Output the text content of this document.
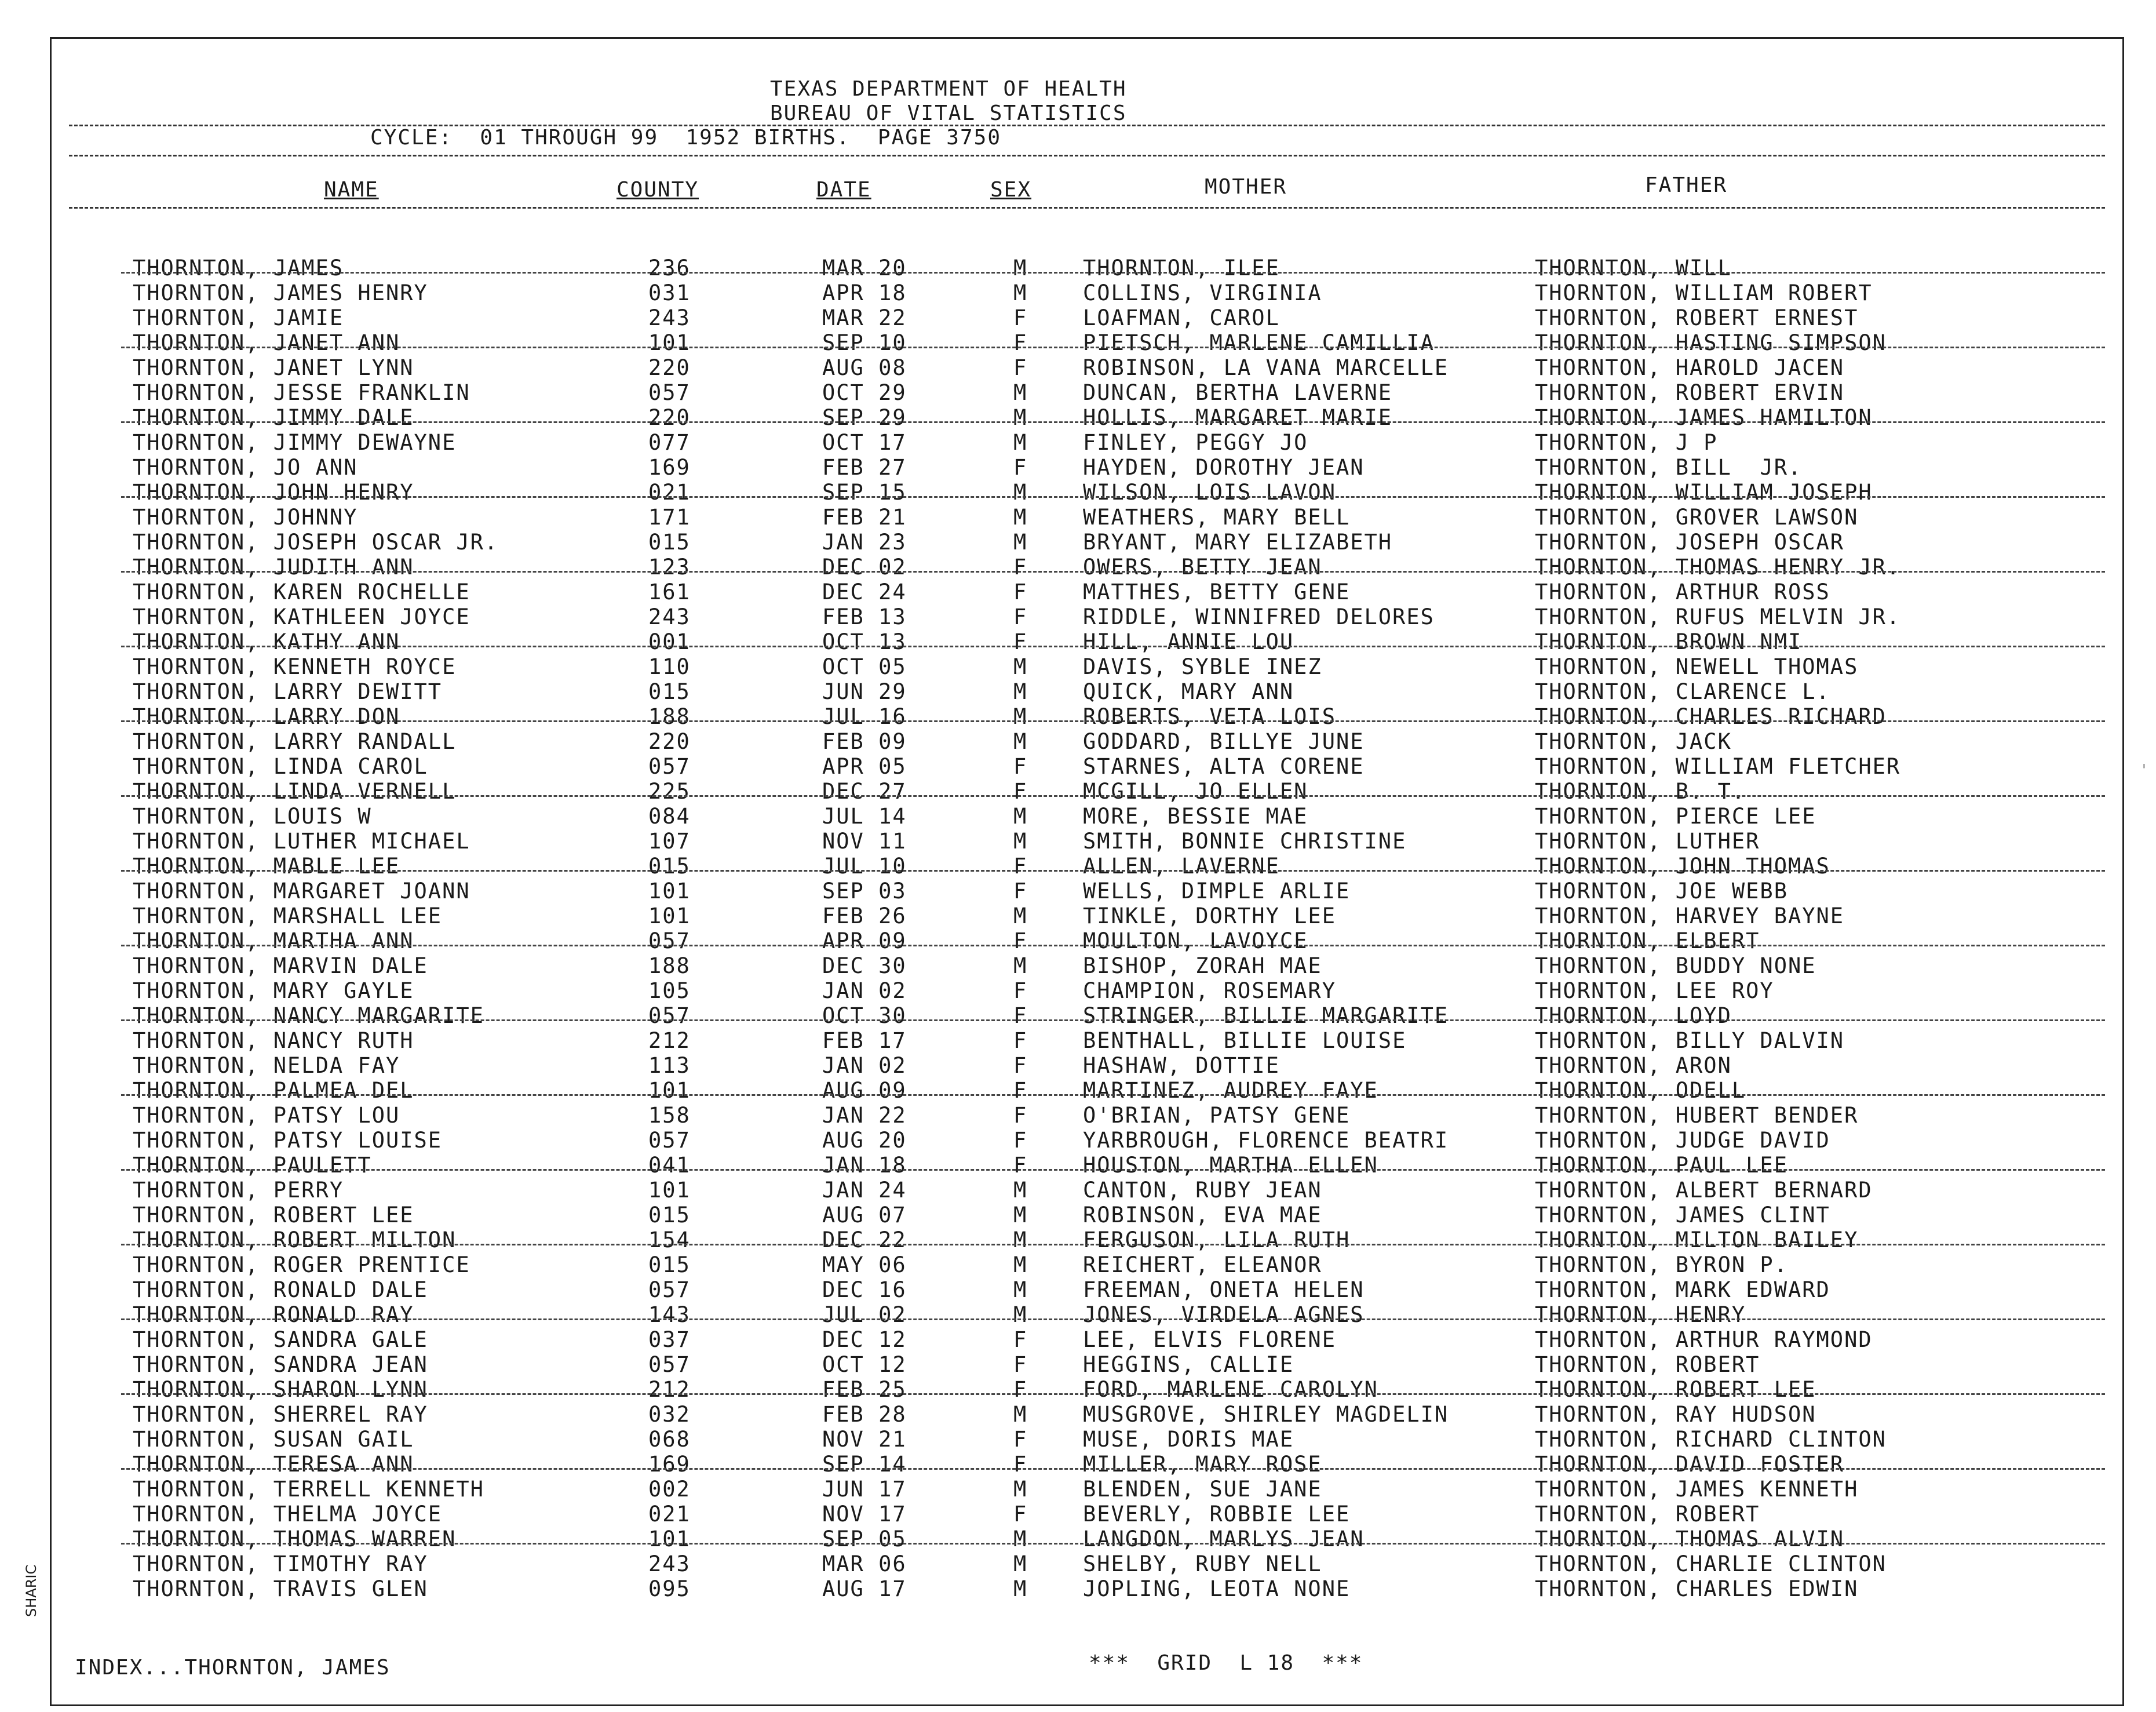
TEXAS DEPARTMENT OF HEALTH
BUREAU OF VITAL STATISTICS
CYCLE:  01 THROUGH 99  1952 BIRTHS.  PAGE 3750
NAME	COUNTY	DATE	SEX	MOTHER	FATHER
THORNTON, JAMES	236	MAR 20	M	THORNTON, ILEE	THORNTON, WILL
THORNTON, JAMES HENRY	031	APR 18	M	COLLINS, VIRGINIA	THORNTON, WILLIAM ROBERT
THORNTON, JAMIE	243	MAR 22	F	LOAFMAN, CAROL	THORNTON, ROBERT ERNEST
THORNTON, JANET ANN	101	SEP 10	F	PIETSCH, MARLENE CAMILLIA	THORNTON, HASTING SIMPSON
THORNTON, JANET LYNN	220	AUG 08	F	ROBINSON, LA VANA MARCELLE	THORNTON, HAROLD JACEN
THORNTON, JESSE FRANKLIN	057	OCT 29	M	DUNCAN, BERTHA LAVERNE	THORNTON, ROBERT ERVIN
THORNTON, JIMMY DALE	220	SEP 29	M	HOLLIS, MARGARET MARIE	THORNTON, JAMES HAMILTON
THORNTON, JIMMY DEWAYNE	077	OCT 17	M	FINLEY, PEGGY JO	THORNTON, J P
THORNTON, JO ANN	169	FEB 27	F	HAYDEN, DOROTHY JEAN	THORNTON, BILL  JR.
THORNTON, JOHN HENRY	021	SEP 15	M	WILSON, LOIS LAVON	THORNTON, WILLIAM JOSEPH
THORNTON, JOHNNY	171	FEB 21	M	WEATHERS, MARY BELL	THORNTON, GROVER LAWSON
THORNTON, JOSEPH OSCAR JR.	015	JAN 23	M	BRYANT, MARY ELIZABETH	THORNTON, JOSEPH OSCAR
THORNTON, JUDITH ANN	123	DEC 02	F	OWERS, BETTY JEAN	THORNTON, THOMAS HENRY JR.
THORNTON, KAREN ROCHELLE	161	DEC 24	F	MATTHES, BETTY GENE	THORNTON, ARTHUR ROSS
THORNTON, KATHLEEN JOYCE	243	FEB 13	F	RIDDLE, WINNIFRED DELORES	THORNTON, RUFUS MELVIN JR.
THORNTON, KATHY ANN	001	OCT 13	F	HILL, ANNIE LOU	THORNTON, BROWN NMI
THORNTON, KENNETH ROYCE	110	OCT 05	M	DAVIS, SYBLE INEZ	THORNTON, NEWELL THOMAS
THORNTON, LARRY DEWITT	015	JUN 29	M	QUICK, MARY ANN	THORNTON, CLARENCE L.
THORNTON, LARRY DON	188	JUL 16	M	ROBERTS, VETA LOIS	THORNTON, CHARLES RICHARD
THORNTON, LARRY RANDALL	220	FEB 09	M	GODDARD, BILLYE JUNE	THORNTON, JACK
THORNTON, LINDA CAROL	057	APR 05	F	STARNES, ALTA CORENE	THORNTON, WILLIAM FLETCHER
THORNTON, LINDA VERNELL	225	DEC 27	F	MCGILL, JO ELLEN	THORNTON, B. T.
THORNTON, LOUIS W	084	JUL 14	M	MORE, BESSIE MAE	THORNTON, PIERCE LEE
THORNTON, LUTHER MICHAEL	107	NOV 11	M	SMITH, BONNIE CHRISTINE	THORNTON, LUTHER
THORNTON, MABLE LEE	015	JUL 10	F	ALLEN, LAVERNE	THORNTON, JOHN THOMAS
THORNTON, MARGARET JOANN	101	SEP 03	F	WELLS, DIMPLE ARLIE	THORNTON, JOE WEBB
THORNTON, MARSHALL LEE	101	FEB 26	M	TINKLE, DORTHY LEE	THORNTON, HARVEY BAYNE
THORNTON, MARTHA ANN	057	APR 09	F	MOULTON, LAVOYCE	THORNTON, ELBERT
THORNTON, MARVIN DALE	188	DEC 30	M	BISHOP, ZORAH MAE	THORNTON, BUDDY NONE
THORNTON, MARY GAYLE	105	JAN 02	F	CHAMPION, ROSEMARY	THORNTON, LEE ROY
THORNTON, NANCY MARGARITE	057	OCT 30	F	STRINGER, BILLIE MARGARITE	THORNTON, LOYD
THORNTON, NANCY RUTH	212	FEB 17	F	BENTHALL, BILLIE LOUISE	THORNTON, BILLY DALVIN
THORNTON, NELDA FAY	113	JAN 02	F	HASHAW, DOTTIE	THORNTON, ARON
THORNTON, PALMEA DEL	101	AUG 09	F	MARTINEZ, AUDREY FAYE	THORNTON, ODELL
THORNTON, PATSY LOU	158	JAN 22	F	O'BRIAN, PATSY GENE	THORNTON, HUBERT BENDER
THORNTON, PATSY LOUISE	057	AUG 20	F	YARBROUGH, FLORENCE BEATRI	THORNTON, JUDGE DAVID
THORNTON, PAULETT	041	JAN 18	F	HOUSTON, MARTHA ELLEN	THORNTON, PAUL LEE
THORNTON, PERRY	101	JAN 24	M	CANTON, RUBY JEAN	THORNTON, ALBERT BERNARD
THORNTON, ROBERT LEE	015	AUG 07	M	ROBINSON, EVA MAE	THORNTON, JAMES CLINT
THORNTON, ROBERT MILTON	154	DEC 22	M	FERGUSON, LILA RUTH	THORNTON, MILTON BAILEY
THORNTON, ROGER PRENTICE	015	MAY 06	M	REICHERT, ELEANOR	THORNTON, BYRON P.
THORNTON, RONALD DALE	057	DEC 16	M	FREEMAN, ONETA HELEN	THORNTON, MARK EDWARD
THORNTON, RONALD RAY	143	JUL 02	M	JONES, VIRDELA AGNES	THORNTON, HENRY
THORNTON, SANDRA GALE	037	DEC 12	F	LEE, ELVIS FLORENE	THORNTON, ARTHUR RAYMOND
THORNTON, SANDRA JEAN	057	OCT 12	F	HEGGINS, CALLIE	THORNTON, ROBERT
THORNTON, SHARON LYNN	212	FEB 25	F	FORD, MARLENE CAROLYN	THORNTON, ROBERT LEE
THORNTON, SHERREL RAY	032	FEB 28	M	MUSGROVE, SHIRLEY MAGDELIN	THORNTON, RAY HUDSON
THORNTON, SUSAN GAIL	068	NOV 21	F	MUSE, DORIS MAE	THORNTON, RICHARD CLINTON
THORNTON, TERESA ANN	169	SEP 14	F	MILLER, MARY ROSE	THORNTON, DAVID FOSTER
THORNTON, TERRELL KENNETH	002	JUN 17	M	BLENDEN, SUE JANE	THORNTON, JAMES KENNETH
THORNTON, THELMA JOYCE	021	NOV 17	F	BEVERLY, ROBBIE LEE	THORNTON, ROBERT
THORNTON, THOMAS WARREN	101	SEP 05	M	LANGDON, MARLYS JEAN	THORNTON, THOMAS ALVIN
THORNTON, TIMOTHY RAY	243	MAR 06	M	SHELBY, RUBY NELL	THORNTON, CHARLIE CLINTON
THORNTON, TRAVIS GLEN	095	AUG 17	M	JOPLING, LEOTA NONE	THORNTON, CHARLES EDWIN
INDEX...THORNTON, JAMES	***  GRID  L 18  ***
SHARIC
'
